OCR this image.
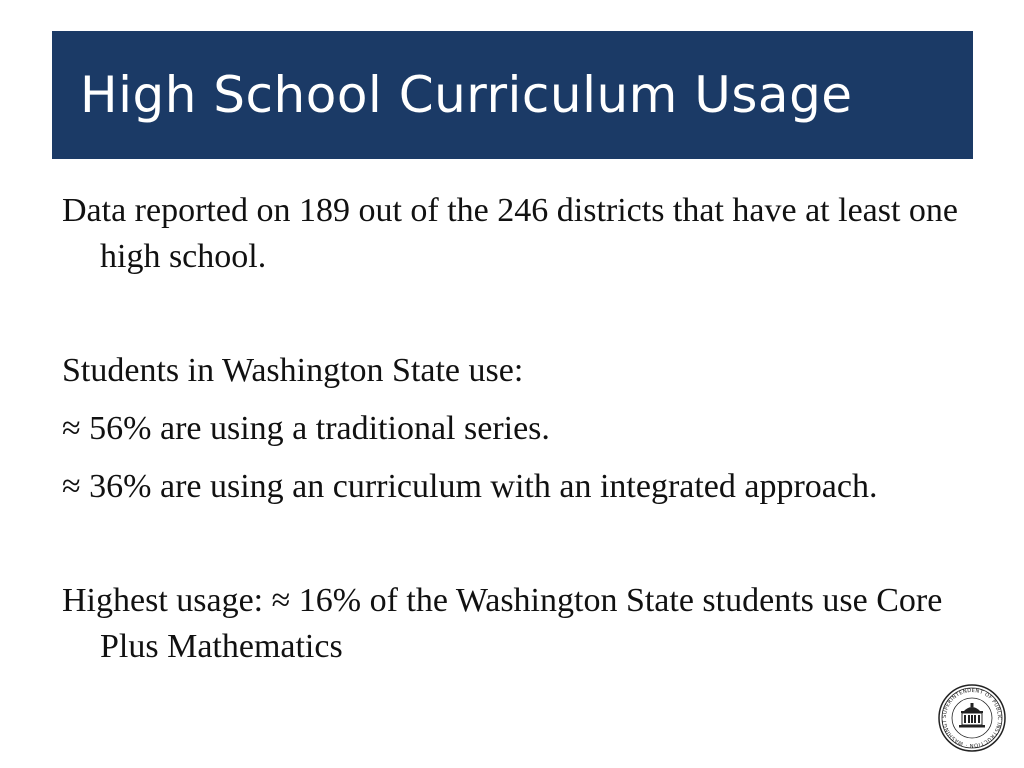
High School Curriculum Usage

Data reported on 189 out of the 246 districts that have at least one high school.

Students in Washington State use:

≈ 56% are using a traditional series.

≈ 36% are using an curriculum with an integrated approach.

Highest usage: ≈ 16% of the Washington State students use Core Plus Mathematics

SUPERINTENDENT OF PUBLIC INSTRUCTION · WASHINGT
